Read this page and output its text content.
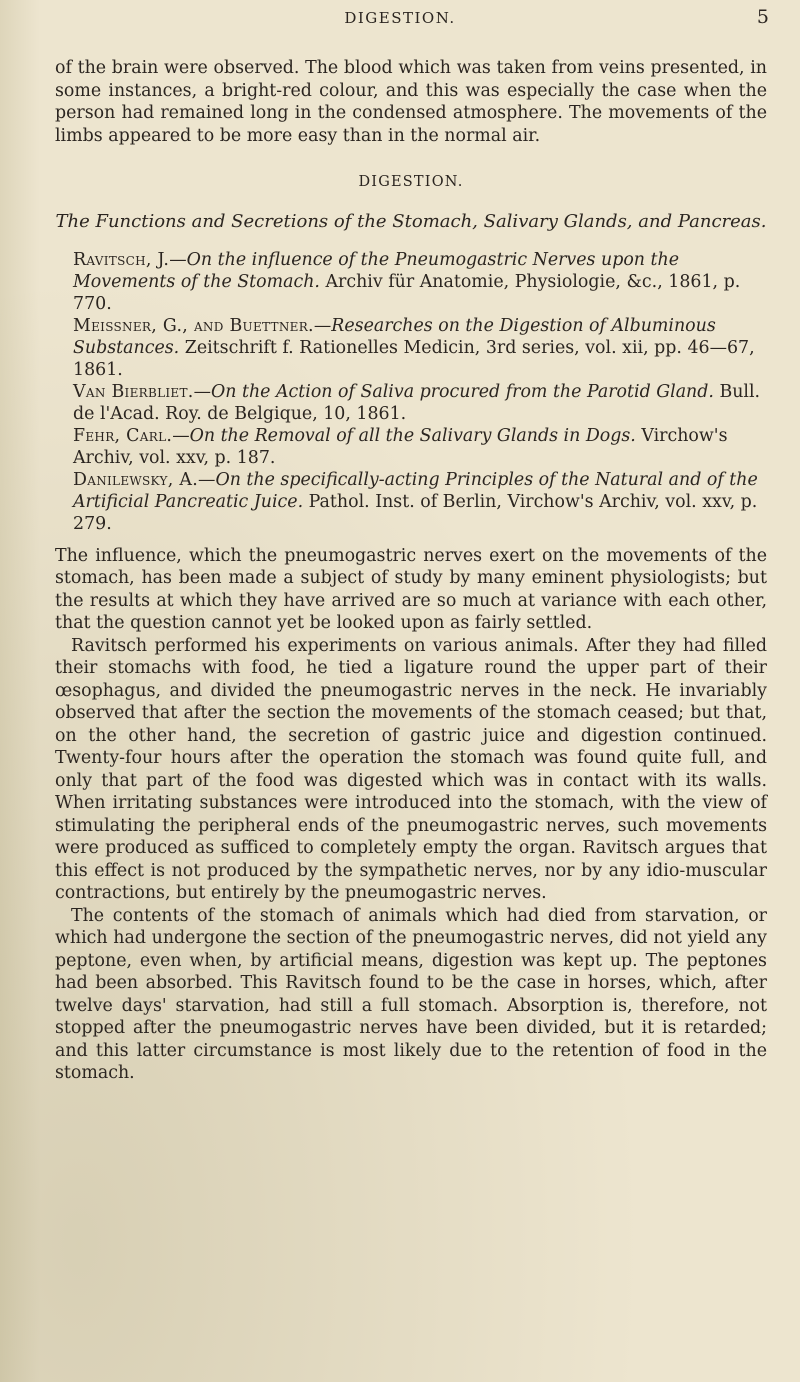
DIGESTION.	5

of the brain were observed. The blood which was taken from veins presented, in some instances, a bright-red colour, and this was especially the case when the person had remained long in the condensed atmosphere. The movements of the limbs appeared to be more easy than in the normal air.

DIGESTION.
The Functions and Secretions of the Stomach, Salivary Glands, and Pancreas.

Ravitsch, J.—On the influence of the Pneumogastric Nerves upon the Movements of the Stomach. Archiv für Anatomie, Physiologie, &c., 1861, p. 770.

Meissner, G., and Buettner.—Researches on the Digestion of Albuminous Substances. Zeitschrift f. Rationelles Medicin, 3rd series, vol. xii, pp. 46—67, 1861.

Van Bierbliet.—On the Action of Saliva procured from the Parotid Gland. Bull. de l'Acad. Roy. de Belgique, 10, 1861.

Fehr, Carl.—On the Removal of all the Salivary Glands in Dogs. Virchow's Archiv, vol. xxv, p. 187.

Danilewsky, A.—On the specifically-acting Principles of the Natural and of the Artificial Pancreatic Juice. Pathol. Inst. of Berlin, Virchow's Archiv, vol. xxv, p. 279.

The influence, which the pneumogastric nerves exert on the movements of the stomach, has been made a subject of study by many eminent physiologists; but the results at which they have arrived are so much at variance with each other, that the question cannot yet be looked upon as fairly settled.

Ravitsch performed his experiments on various animals. After they had filled their stomachs with food, he tied a ligature round the upper part of their œsophagus, and divided the pneumogastric nerves in the neck. He invariably observed that after the section the movements of the stomach ceased; but that, on the other hand, the secretion of gastric juice and digestion continued. Twenty-four hours after the operation the stomach was found quite full, and only that part of the food was digested which was in contact with its walls. When irritating substances were introduced into the stomach, with the view of stimulating the peripheral ends of the pneumogastric nerves, such movements were produced as sufficed to completely empty the organ. Ravitsch argues that this effect is not produced by the sympathetic nerves, nor by any idio-muscular contractions, but entirely by the pneumogastric nerves.

The contents of the stomach of animals which had died from starvation, or which had undergone the section of the pneumogastric nerves, did not yield any peptone, even when, by artificial means, digestion was kept up. The peptones had been absorbed. This Ravitsch found to be the case in horses, which, after twelve days' starvation, had still a full stomach. Absorption is, therefore, not stopped after the pneumogastric nerves have been divided, but it is retarded; and this latter circumstance is most likely due to the retention of food in the stomach.
